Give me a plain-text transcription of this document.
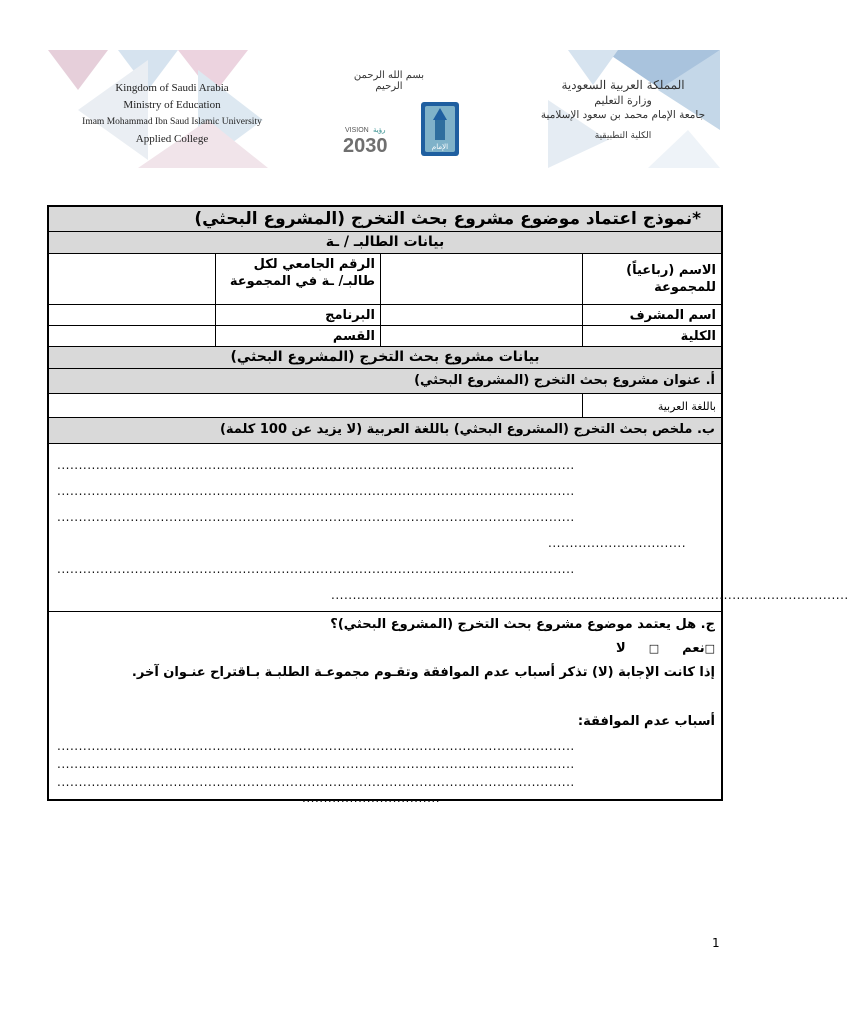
Kingdom of Saudi Arabia
Ministry of Education
Imam Mohammad Ibn Saud Islamic University
Applied College
بسم الله الرحمن الرحيم
VISION رؤية
2030	الإمام
المملكة العربية السعودية
وزارة التعليم
جامعة الإمام محمد بن سعود الإسلامية
الكلية التطبيقية
*نموذج اعتماد موضوع مشروع بحث التخرج (المشروع البحثي)
بيانات الطالبـ / ـة
الاسم (رباعياً) للمجموعة
الرقم الجامعي لكل طالبـ/ ـة في المجموعة
اسم المشرف
البرنامج
الكلية
القسم
بيانات مشروع بحث التخرج (المشروع البحثي)
أ. عنوان مشروع بحث التخرج (المشروع البحثي)
باللغة العربية
ب. ملخص بحث التخرج (المشروع البحثي) باللغة العربية (لا يزيد عن 100 كلمة)
........................................................................................................................
........................................................................................................................
........................................................................................................................
................................
........................................................................................................................
........................................................................................................................
ج. هل يعتمد موضوع مشروع بحث التخرج (المشروع البحثي)؟
□نعم  □  لا
إذا كانت الإجابة (لا) تذكر أسباب عدم الموافقة وتقـوم مجموعـة الطلبـة بـاقتراح عنـوان آخر.
أسباب عدم الموافقة:
........................................................................................................................
........................................................................................................................
........................................................................................................................
................................
1
